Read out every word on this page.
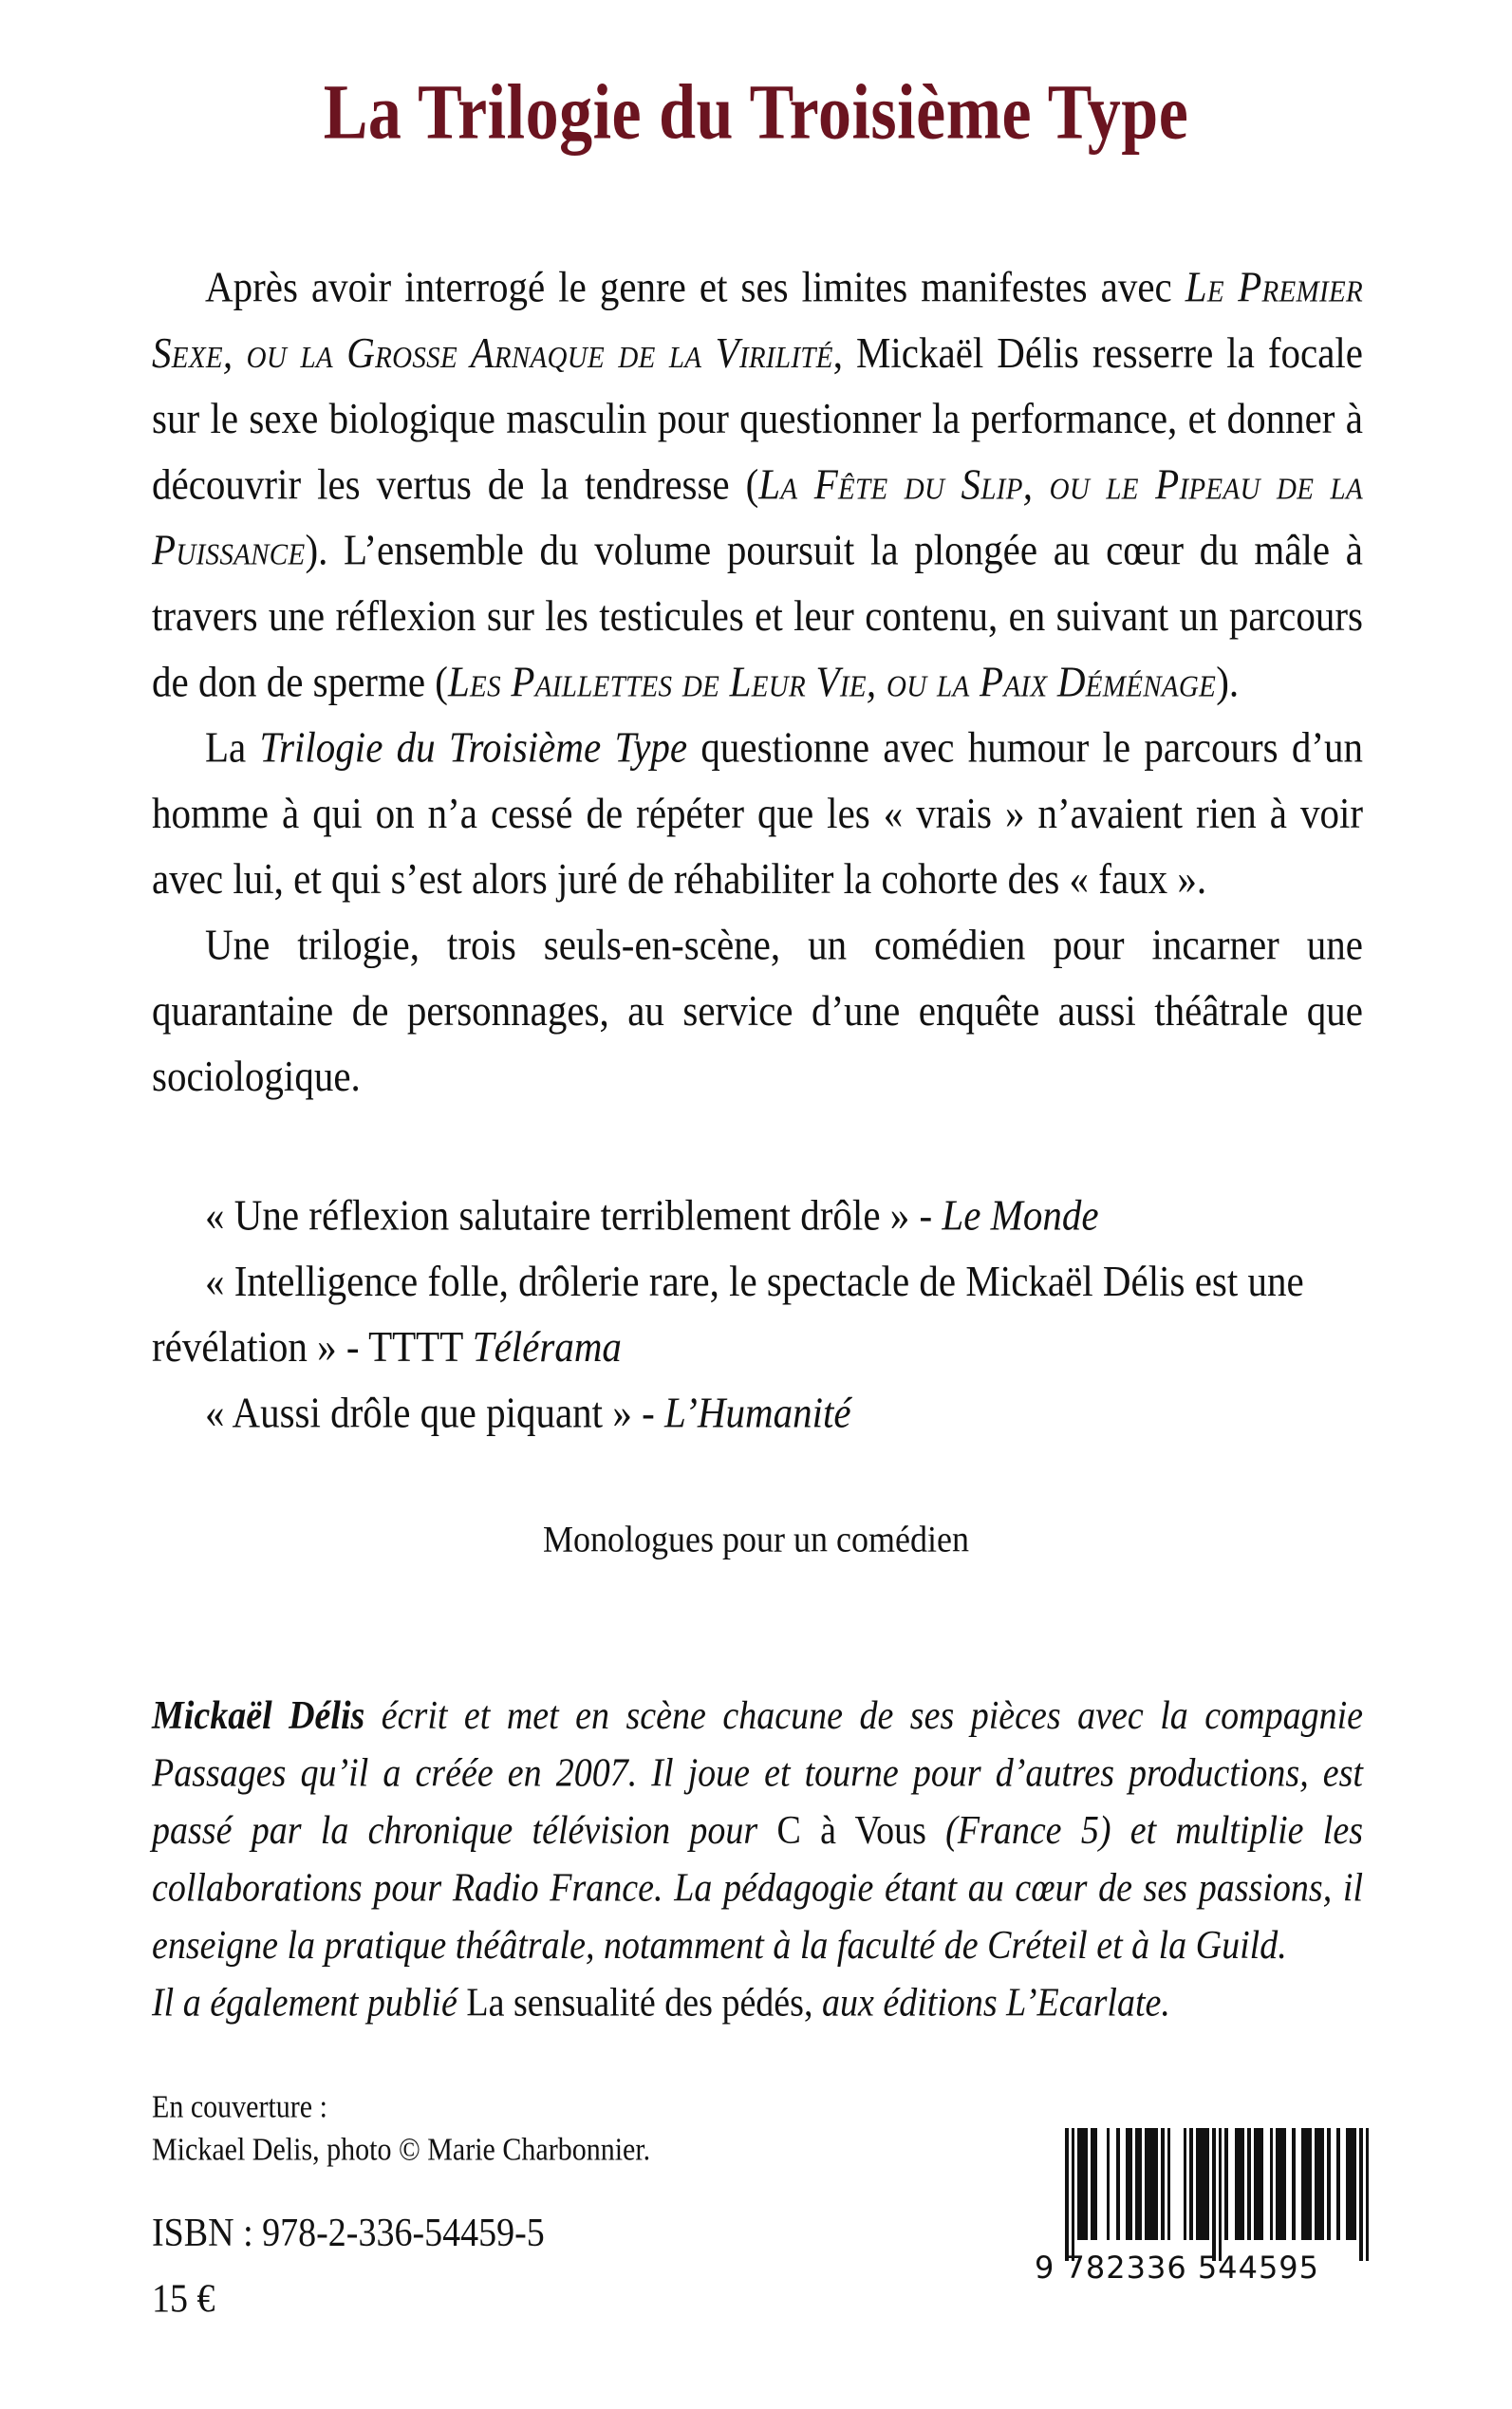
La Trilogie du Troisième Type

Après avoir interrogé le genre et ses limites manifestes avec Le Premier Sexe, ou la Grosse Arnaque de la Virilité, Mickaël Délis resserre la focale sur le sexe biologique masculin pour questionner la performance, et donner à découvrir les vertus de la tendresse (La Fête du Slip, ou le Pipeau de la Puissance). L’ensemble du volume poursuit la plongée au cœur du mâle à travers une réflexion sur les testicules et leur contenu, en suivant un parcours de don de sperme (Les Paillettes de Leur Vie, ou la Paix Déménage).

La Trilogie du Troisième Type questionne avec humour le parcours d’un homme à qui on n’a cessé de répéter que les « vrais » n’avaient rien à voir avec lui, et qui s’est alors juré de réhabiliter la cohorte des « faux ».

Une trilogie, trois seuls-en-scène, un comédien pour incarner une quarantaine de personnages, au service d’une enquête aussi théâtrale que sociologique.

« Une réflexion salutaire terriblement drôle » - Le Monde

« Intelligence folle, drôlerie rare, le spectacle de Mickaël Délis est une révélation » - TTTT Télérama

« Aussi drôle que piquant » - L’Humanité

Monologues pour un comédien

Mickaël Délis écrit et met en scène chacune de ses pièces avec la compagnie Passages qu’il a créée en 2007. Il joue et tourne pour d’autres productions, est passé par la chronique télévision pour C à Vous (France 5) et multiplie les collaborations pour Radio France. La pédagogie étant au cœur de ses passions, il enseigne la pratique théâtrale, notamment à la faculté de Créteil et à la Guild.

Il a également publié La sensualité des pédés, aux éditions L’Ecarlate.

En couverture :
Mickael Delis, photo © Marie Charbonnier.
ISBN : 978-2-336-54459-5
15 €
9 782336 544595
